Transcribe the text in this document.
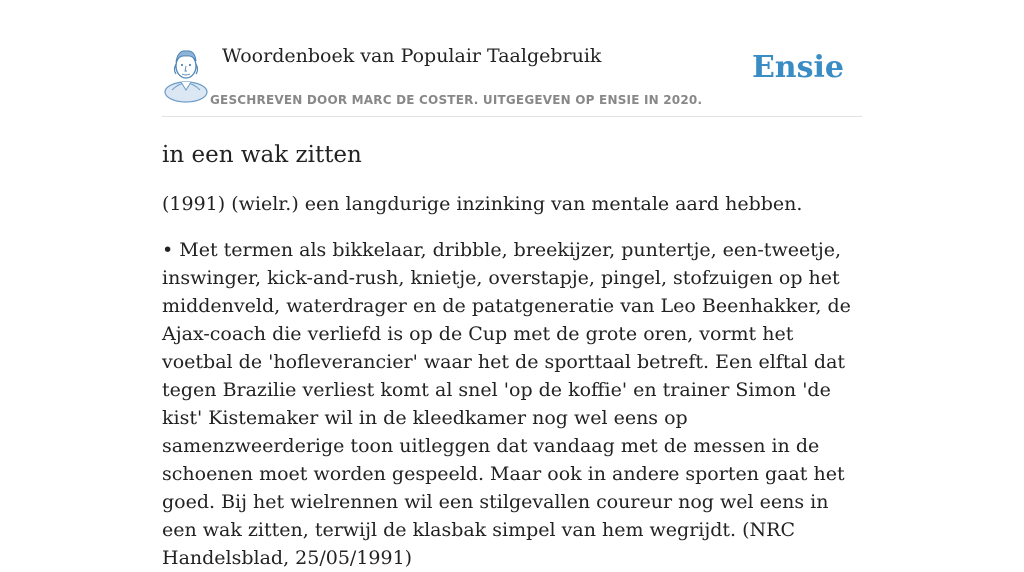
Woordenboek van Populair Taalgebruik
GESCHREVEN DOOR MARC DE COSTER. UITGEGEVEN OP ENSIE IN 2020.
Ensie
in een wak zitten

(1991) (wielr.) een langdurige inzinking van mentale aard hebben.

• Met termen als bikkelaar, dribble, breekijzer, puntertje, een-tweetje, inswinger, kick-and-rush, knietje, overstapje, pingel, stofzuigen op het middenveld, waterdrager en de patatgeneratie van Leo Beenhakker, de Ajax-coach die verliefd is op de Cup met de grote oren, vormt het voetbal de 'hofleverancier' waar het de sporttaal betreft. Een elftal dat tegen Brazilie verliest komt al snel 'op de koffie' en trainer Simon 'de kist' Kistemaker wil in de kleedkamer nog wel eens op samenzweerderige toon uitleggen dat vandaag met de messen in de schoenen moet worden gespeeld. Maar ook in andere sporten gaat het goed. Bij het wielrennen wil een stilgevallen coureur nog wel eens in een wak zitten, terwijl de klasbak simpel van hem wegrijdt. (NRC Handelsblad, 25/05/1991)
